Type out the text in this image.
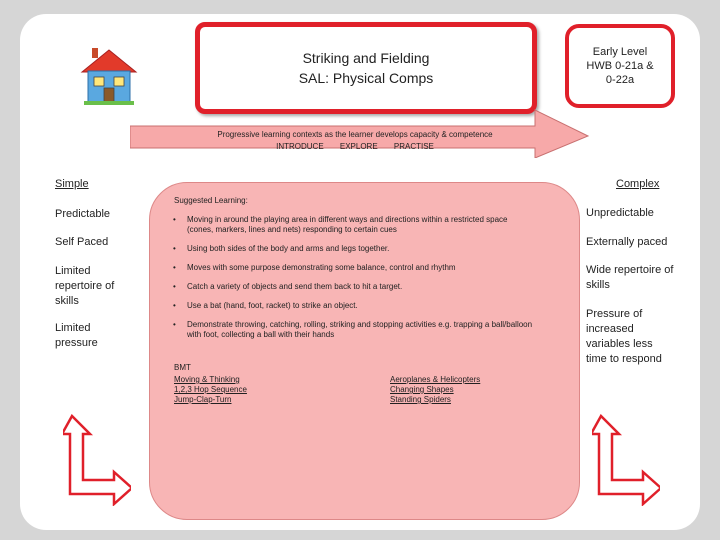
Striking and Fielding
SAL: Physical Comps
Early Level
HWB 0-21a &
0-22a
Progressive learning contexts as the learner develops capacity & competence
INTRODUCE EXPLORE PRACTISE
Simple
Predictable
Self Paced
Limited repertoire of skills
Limited pressure
Complex
Unpredictable
Externally paced
Wide repertoire of skills
Pressure of increased variables less time to respond
Suggested Learning:
• Moving in around the playing area in different ways and directions within a restricted space (cones, markers, lines and nets) responding to certain cues
• Using both sides of the body and arms and legs together.
• Moves with some purpose demonstrating some balance, control and rhythm
• Catch a variety of objects and send them back to hit a target.
• Use a bat (hand, foot, racket) to strike an object.
• Demonstrate throwing, catching, rolling, striking and stopping activities e.g. trapping a ball/balloon with foot, collecting a ball with their hands
BMT
Moving & Thinking
1,2,3 Hop Sequence
Jump-Clap-Turn
Aeroplanes & Helicopters
Changing Shapes
Standing Spiders
